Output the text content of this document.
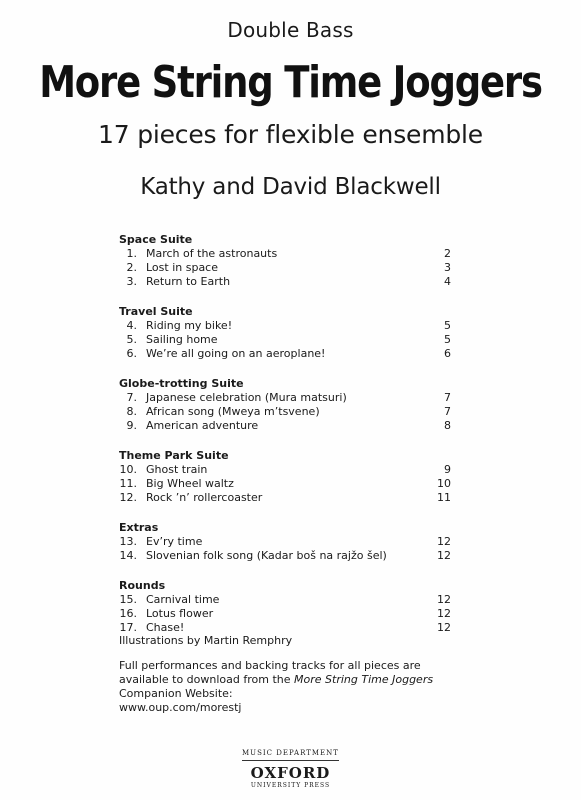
Double Bass
More String Time Joggers
17 pieces for flexible ensemble
Kathy and David Blackwell
Space Suite
1. March of the astronauts	2
2. Lost in space	3
3. Return to Earth	4
Travel Suite
4. Riding my bike!	5
5. Sailing home	5
6. We’re all going on an aeroplane!	6
Globe-trotting Suite
7. Japanese celebration (Mura matsuri)	7
8. African song (Mweya m’tsvene)	7
9. American adventure	8
Theme Park Suite
10. Ghost train	9
11. Big Wheel waltz	10
12. Rock ’n’ rollercoaster	11
Extras
13. Ev’ry time	12
14. Slovenian folk song (Kadar boš na rajžo šel)	12
Rounds
15. Carnival time	12
16. Lotus flower	12
17. Chase!	12
Illustrations by Martin Remphry
Full performances and backing tracks for all pieces are available to download from the More String Time Joggers Companion Website:
www.oup.com/morestj
MUSIC DEPARTMENT
OXFORD
UNIVERSITY PRESS
